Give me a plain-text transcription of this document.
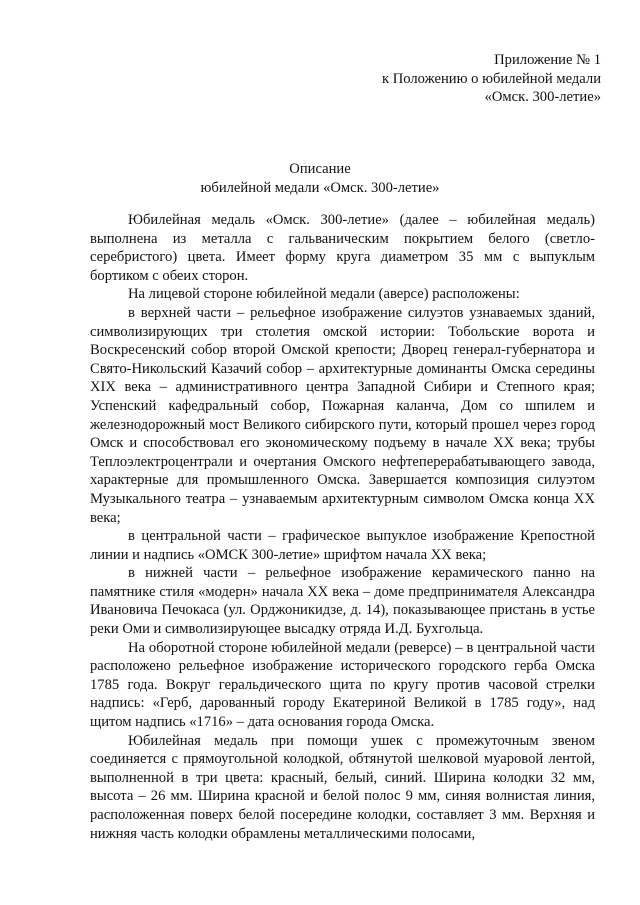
Приложение № 1
к Положению о юбилейной медали
«Омск. 300-летие»
Описание
юбилейной медали «Омск. 300-летие»

Юбилейная медаль «Омск. 300-летие» (далее – юбилейная медаль) выполнена из металла с гальваническим покрытием белого (светло-серебристого) цвета. Имеет форму круга диаметром 35 мм с выпуклым бортиком с обеих сторон.

На лицевой стороне юбилейной медали (аверсе) расположены:

в верхней части – рельефное изображение силуэтов узнаваемых зданий, символизирующих три столетия омской истории: Тобольские ворота и Воскресенский собор второй Омской крепости; Дворец генерал-губернатора и Свято-Никольский Казачий собор – архитектурные доминанты Омска середины XIX века – административного центра Западной Сибири и Степного края; Успенский кафедральный собор, Пожарная каланча, Дом со шпилем и железнодорожный мост Великого сибирского пути, который прошел через город Омск и способствовал его экономическому подъему в начале XX века; трубы Теплоэлектроцентрали и очертания Омского нефтеперерабатывающего завода, характерные для промышленного Омска. Завершается композиция силуэтом Музыкального театра – узнаваемым архитектурным символом Омска конца XX века;

в центральной части – графическое выпуклое изображение Крепостной линии и надпись «ОМСК 300-летие» шрифтом начала XX века;

в нижней части – рельефное изображение керамического панно на памятнике стиля «модерн» начала XX века – доме предпринимателя Александра Ивановича Печокаса (ул. Орджоникидзе, д. 14), показывающее пристань в устье реки Оми и символизирующее высадку отряда И.Д. Бухгольца.

На оборотной стороне юбилейной медали (реверсе) – в центральной части расположено рельефное изображение исторического городского герба Омска 1785 года. Вокруг геральдического щита по кругу против часовой стрелки надпись: «Герб, дарованный городу Екатериной Великой в 1785 году», над щитом надпись «1716» – дата основания города Омска.

Юбилейная медаль при помощи ушек с промежуточным звеном соединяется с прямоугольной колодкой, обтянутой шелковой муаровой лентой, выполненной в три цвета: красный, белый, синий. Ширина колодки 32 мм, высота – 26 мм. Ширина красной и белой полос 9 мм, синяя волнистая линия, расположенная поверх белой посередине колодки, составляет 3 мм. Верхняя и нижняя часть колодки обрамлены металлическими полосами,
